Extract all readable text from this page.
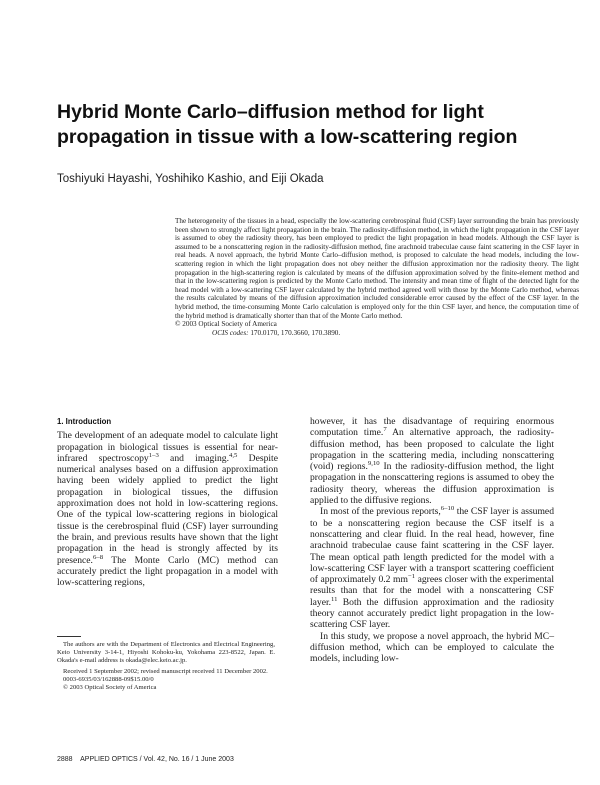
Hybrid Monte Carlo–diffusion method for light propagation in tissue with a low-scattering region
Toshiyuki Hayashi, Yoshihiko Kashio, and Eiji Okada

The heterogeneity of the tissues in a head, especially the low-scattering cerebrospinal fluid (CSF) layer surrounding the brain has previously been shown to strongly affect light propagation in the brain. The radiosity-diffusion method, in which the light propagation in the CSF layer is assumed to obey the radiosity theory, has been employed to predict the light propagation in head models. Although the CSF layer is assumed to be a nonscattering region in the radiosity-diffusion method, fine arachnoid trabeculae cause faint scattering in the CSF layer in real heads. A novel approach, the hybrid Monte Carlo–diffusion method, is proposed to calculate the head models, including the low-scattering region in which the light propagation does not obey neither the diffusion approximation nor the radiosity theory. The light propagation in the high-scattering region is calculated by means of the diffusion approximation solved by the finite-element method and that in the low-scattering region is predicted by the Monte Carlo method. The intensity and mean time of flight of the detected light for the head model with a low-scattering CSF layer calculated by the hybrid method agreed well with those by the Monte Carlo method, whereas the results calculated by means of the diffusion approximation included considerable error caused by the effect of the CSF layer. In the hybrid method, the time-consuming Monte Carlo calculation is employed only for the thin CSF layer, and hence, the computation time of the hybrid method is dramatically shorter than that of the Monte Carlo method.

© 2003 Optical Society of America

OCIS codes: 170.0170, 170.3660, 170.3890.

1. Introduction

The development of an adequate model to calculate light propagation in biological tissues is essential for near-infrared spectroscopy$^{1-3}$ and imaging.$^{4,5}$ Despite numerical analyses based on a diffusion approximation having been widely applied to predict the light propagation in biological tissues, the diffusion approximation does not hold in low-scattering regions. One of the typical low-scattering regions in biological tissue is the cerebrospinal fluid (CSF) layer surrounding the brain, and previous results have shown that the light propagation in the head is strongly affected by its presence.$^{6-8}$ The Monte Carlo (MC) method can accurately predict the light propagation in a model with low-scattering regions,

however, it has the disadvantage of requiring enormous computation time.$^7$ An alternative approach, the radiosity-diffusion method, has been proposed to calculate the light propagation in the scattering media, including nonscattering (void) regions.$^{9,10}$ In the radiosity-diffusion method, the light propagation in the nonscattering regions is assumed to obey the radiosity theory, whereas the diffusion approximation is applied to the diffusive regions.

In most of the previous reports,$^{6-10}$ the CSF layer is assumed to be a nonscattering region because the CSF itself is a nonscattering and clear fluid. In the real head, however, fine arachnoid trabeculae cause faint scattering in the CSF layer. The mean optical path length predicted for the model with a low-scattering CSF layer with a transport scattering coefficient of approximately 0.2 $mm^{-1}$ agrees closer with the experimental results than that for the model with a nonscattering CSF layer.$^{11}$ Both the diffusion approximation and the radiosity theory cannot accurately predict light propagation in the low-scattering CSF layer.

In this study, we propose a novel approach, the hybrid MC–diffusion method, which can be employed to calculate the models, including low-

The authors are with the Department of Electronics and Electrical Engineering, Keio University 3-14-1, Hiyoshi Kohoku-ku, Yokohama 223-8522, Japan. E. Okada's e-mail address is okada@elec.keio.ac.jp.

Received 1 September 2002; revised manuscript received 11 December 2002.

0003-6935/03/162888-09$15.00/0

© 2003 Optical Society of America

2888 APPLIED OPTICS / Vol. 42, No. 16 / 1 June 2003
